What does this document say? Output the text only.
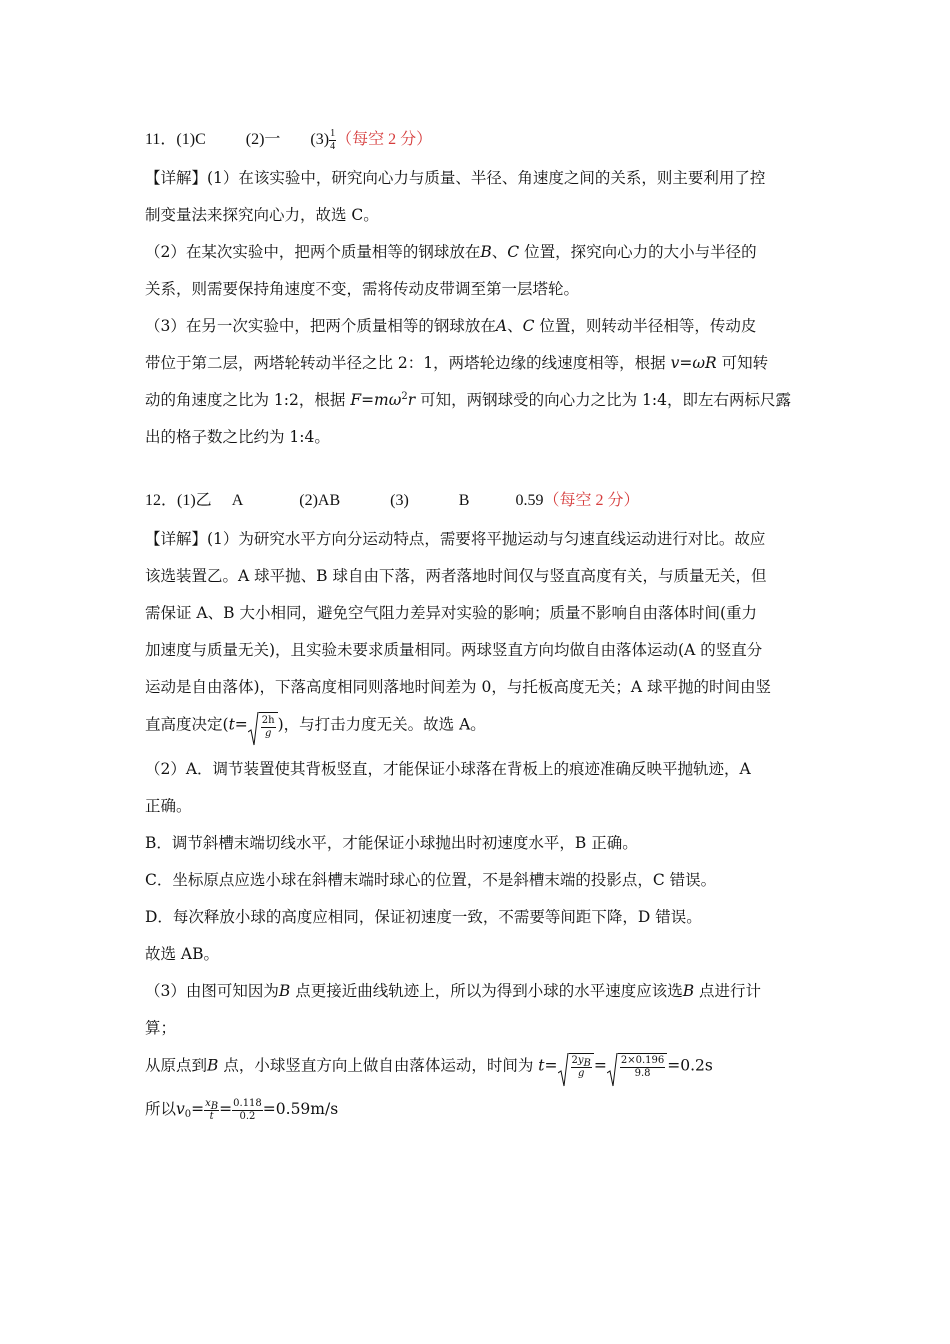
11．(1)C	(2)一 $(3) \frac{1}{4}$ （每空 2 分）
【详解】(1）在该实验中，研究向心力与质量、半径、角速度之间的关系，则主要利用了控
制变量法来探究向心力，故选 C。
（2）在某次实验中，把两个质量相等的钢球放在B、C 位置，探究向心力的大小与半径的
关系，则需要保持角速度不变，需将传动皮带调至第一层塔轮。
（3）在另一次实验中，把两个质量相等的钢球放在A、C 位置，则转动半径相等，传动皮
带位于第二层，两塔轮转动半径之比 2：1，两塔轮边缘的线速度相等，根据 v=ωR 可知转
动的角速度之比为 1:2，根据 $F=m\omega^2r$ 可知，两钢球受的向心力之比为 1:4，即左右两标尺露
出的格子数之比约为 1:4。
12．(1)乙 A	(2)AB	(3)	B	0.59（每空 2 分）
【详解】(1）为研究水平方向分运动特点，需要将平抛运动与匀速直线运动进行对比。故应
该选装置乙。A 球平抛、B 球自由下落，两者落地时间仅与竖直高度有关，与质量无关，但
需保证 A、B 大小相同，避免空气阻力差异对实验的影响；质量不影响自由落体时间(重力
加速度与质量无关)，且实验未要求质量相同。两球竖直方向均做自由落体运动(A 的竖直分
运动是自由落体)，下落高度相同则落地时间差为 0，与托板高度无关；A 球平抛的时间由竖
直高度决定($t= \frac{2h}{g}$ )，与打击力度无关。故选 A。
（2）A．调节装置使其背板竖直，才能保证小球落在背板上的痕迹准确反映平抛轨迹，A
正确。
B．调节斜槽末端切线水平，才能保证小球抛出时初速度水平，B 正确。
C．坐标原点应选小球在斜槽末端时球心的位置，不是斜槽末端的投影点，C 错误。
D．每次释放小球的高度应相同，保证初速度一致，不需要等间距下降，D 错误。
故选 AB。
（3）由图可知因为B 点更接近曲线轨迹上，所以为得到小球的水平速度应该选B 点进行计
算；
从原点到B 点，小球竖直方向上做自由落体运动，时间为 $t= \frac{2y_B}{g} = \frac{2\times 0.196}{9.8} =0.2s$
所以$v_0= \frac{x_B}{t} = \frac{0.118}{0.2} =0.59m/s$
